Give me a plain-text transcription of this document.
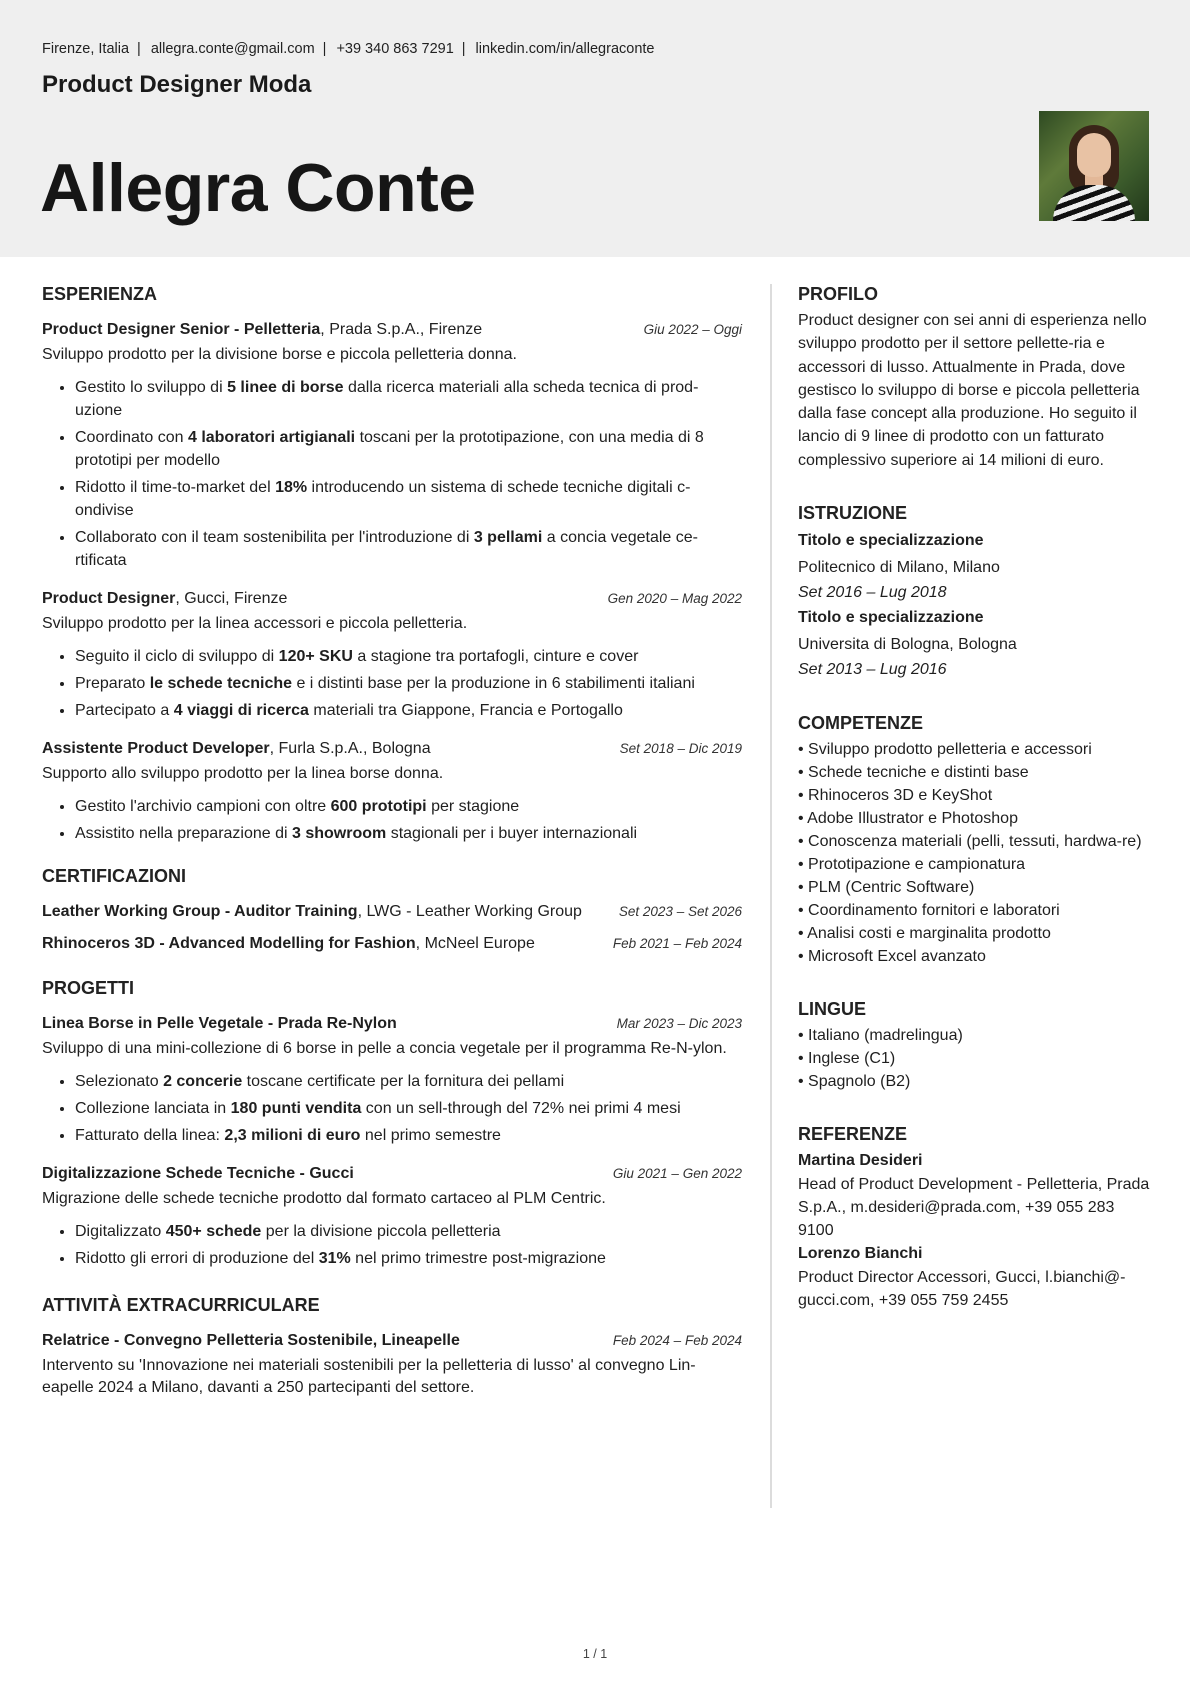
Firenze, Italia | allegra.conte@gmail.com | +39 340 863 7291 | linkedin.com/in/allegraconte
Product Designer Moda
Allegra Conte
ESPERIENZA
Product Designer Senior - Pelletteria, Prada S.p.A., Firenze	Giu 2022 – Oggi
Sviluppo prodotto per la divisione borse e piccola pelletteria donna.
• Gestito lo sviluppo di 5 linee di borse dalla ricerca materiali alla scheda tecnica di prod-uzione
• Coordinato con 4 laboratori artigianali toscani per la prototipazione, con una media di 8 prototipi per modello
• Ridotto il time-to-market del 18% introducendo un sistema di schede tecniche digitali c-ondivise
• Collaborato con il team sostenibilita per l'introduzione di 3 pellami a concia vegetale ce-rtificata
Product Designer, Gucci, Firenze	Gen 2020 – Mag 2022
Sviluppo prodotto per la linea accessori e piccola pelletteria.
• Seguito il ciclo di sviluppo di 120+ SKU a stagione tra portafogli, cinture e cover
• Preparato le schede tecniche e i distinti base per la produzione in 6 stabilimenti italiani
• Partecipato a 4 viaggi di ricerca materiali tra Giappone, Francia e Portogallo
Assistente Product Developer, Furla S.p.A., Bologna	Set 2018 – Dic 2019
Supporto allo sviluppo prodotto per la linea borse donna.
• Gestito l'archivio campioni con oltre 600 prototipi per stagione
• Assistito nella preparazione di 3 showroom stagionali per i buyer internazionali
CERTIFICAZIONI
Leather Working Group - Auditor Training, LWG - Leather Working Group	Set 2023 – Set 2026
Rhinoceros 3D - Advanced Modelling for Fashion, McNeel Europe	Feb 2021 – Feb 2024
PROGETTI
Linea Borse in Pelle Vegetale - Prada Re-Nylon	Mar 2023 – Dic 2023
Sviluppo di una mini-collezione di 6 borse in pelle a concia vegetale per il programma Re-N-ylon.
• Selezionato 2 concerie toscane certificate per la fornitura dei pellami
• Collezione lanciata in 180 punti vendita con un sell-through del 72% nei primi 4 mesi
• Fatturato della linea: 2,3 milioni di euro nel primo semestre
Digitalizzazione Schede Tecniche - Gucci	Giu 2021 – Gen 2022
Migrazione delle schede tecniche prodotto dal formato cartaceo al PLM Centric.
• Digitalizzato 450+ schede per la divisione piccola pelletteria
• Ridotto gli errori di produzione del 31% nel primo trimestre post-migrazione
ATTIVITÀ EXTRACURRICULARE
Relatrice - Convegno Pelletteria Sostenibile, Lineapelle	Feb 2024 – Feb 2024
Intervento su 'Innovazione nei materiali sostenibili per la pelletteria di lusso' al convegno Lin-eapelle 2024 a Milano, davanti a 250 partecipanti del settore.
PROFILO
Product designer con sei anni di esperienza nello sviluppo prodotto per il settore pellette-ria e accessori di lusso. Attualmente in Prada, dove gestisco lo sviluppo di borse e piccola pelletteria dalla fase concept alla produzione. Ho seguito il lancio di 9 linee di prodotto con un fatturato complessivo superiore ai 14 milioni di euro.
ISTRUZIONE
Titolo e specializzazione
Politecnico di Milano, Milano
Set 2016 – Lug 2018
Titolo e specializzazione
Universita di Bologna, Bologna
Set 2013 – Lug 2016
COMPETENZE
• Sviluppo prodotto pelletteria e accessori
• Schede tecniche e distinti base
• Rhinoceros 3D e KeyShot
• Adobe Illustrator e Photoshop
• Conoscenza materiali (pelli, tessuti, hardwa-re)
• Prototipazione e campionatura
• PLM (Centric Software)
• Coordinamento fornitori e laboratori
• Analisi costi e marginalita prodotto
• Microsoft Excel avanzato
LINGUE
• Italiano (madrelingua)
• Inglese (C1)
• Spagnolo (B2)
REFERENZE
Martina Desideri
Head of Product Development - Pelletteria, Prada S.p.A., m.desideri@prada.com, +39 055 283 9100
Lorenzo Bianchi
Product Director Accessori, Gucci, l.bianchi@-gucci.com, +39 055 759 2455
1 / 1
